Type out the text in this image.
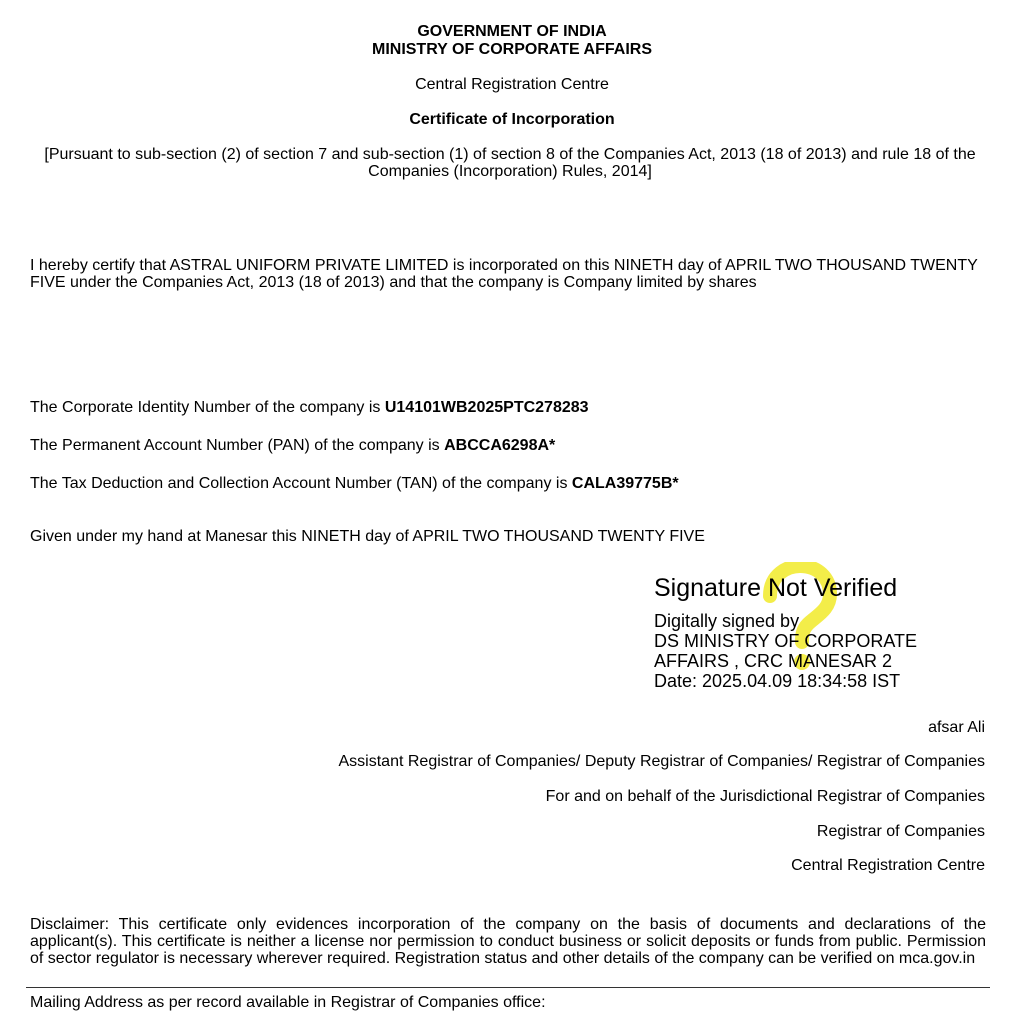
GOVERNMENT OF INDIA
MINISTRY OF CORPORATE AFFAIRS
Central Registration Centre
Certificate of Incorporation
[Pursuant to sub-section (2) of section 7 and sub-section (1) of section 8 of the Companies Act, 2013 (18 of 2013) and rule 18 of the Companies (Incorporation) Rules, 2014]
I hereby certify that ASTRAL UNIFORM PRIVATE LIMITED is incorporated on this NINETH day of APRIL TWO THOUSAND TWENTY FIVE under the Companies Act, 2013 (18 of 2013) and that the company is Company limited by shares
The Corporate Identity Number of the company is U14101WB2025PTC278283
The Permanent Account Number (PAN) of the company is ABCCA6298A*
The Tax Deduction and Collection Account Number (TAN) of the company is CALA39775B*
Given under my hand at Manesar this NINETH day of APRIL TWO THOUSAND TWENTY FIVE
Signature Not Verified
Digitally signed by
DS MINISTRY OF CORPORATE
AFFAIRS , CRC MANESAR 2
Date: 2025.04.09 18:34:58 IST
afsar Ali
Assistant Registrar of Companies/ Deputy Registrar of Companies/ Registrar of Companies
For and on behalf of the Jurisdictional Registrar of Companies
Registrar of Companies
Central Registration Centre
Disclaimer: This certificate only evidences incorporation of the company on the basis of documents and declarations of the applicant(s). This certificate is neither a license nor permission to conduct business or solicit deposits or funds from public. Permission of sector regulator is necessary wherever required. Registration status and other details of the company can be verified on mca.gov.in
Mailing Address as per record available in Registrar of Companies office:
